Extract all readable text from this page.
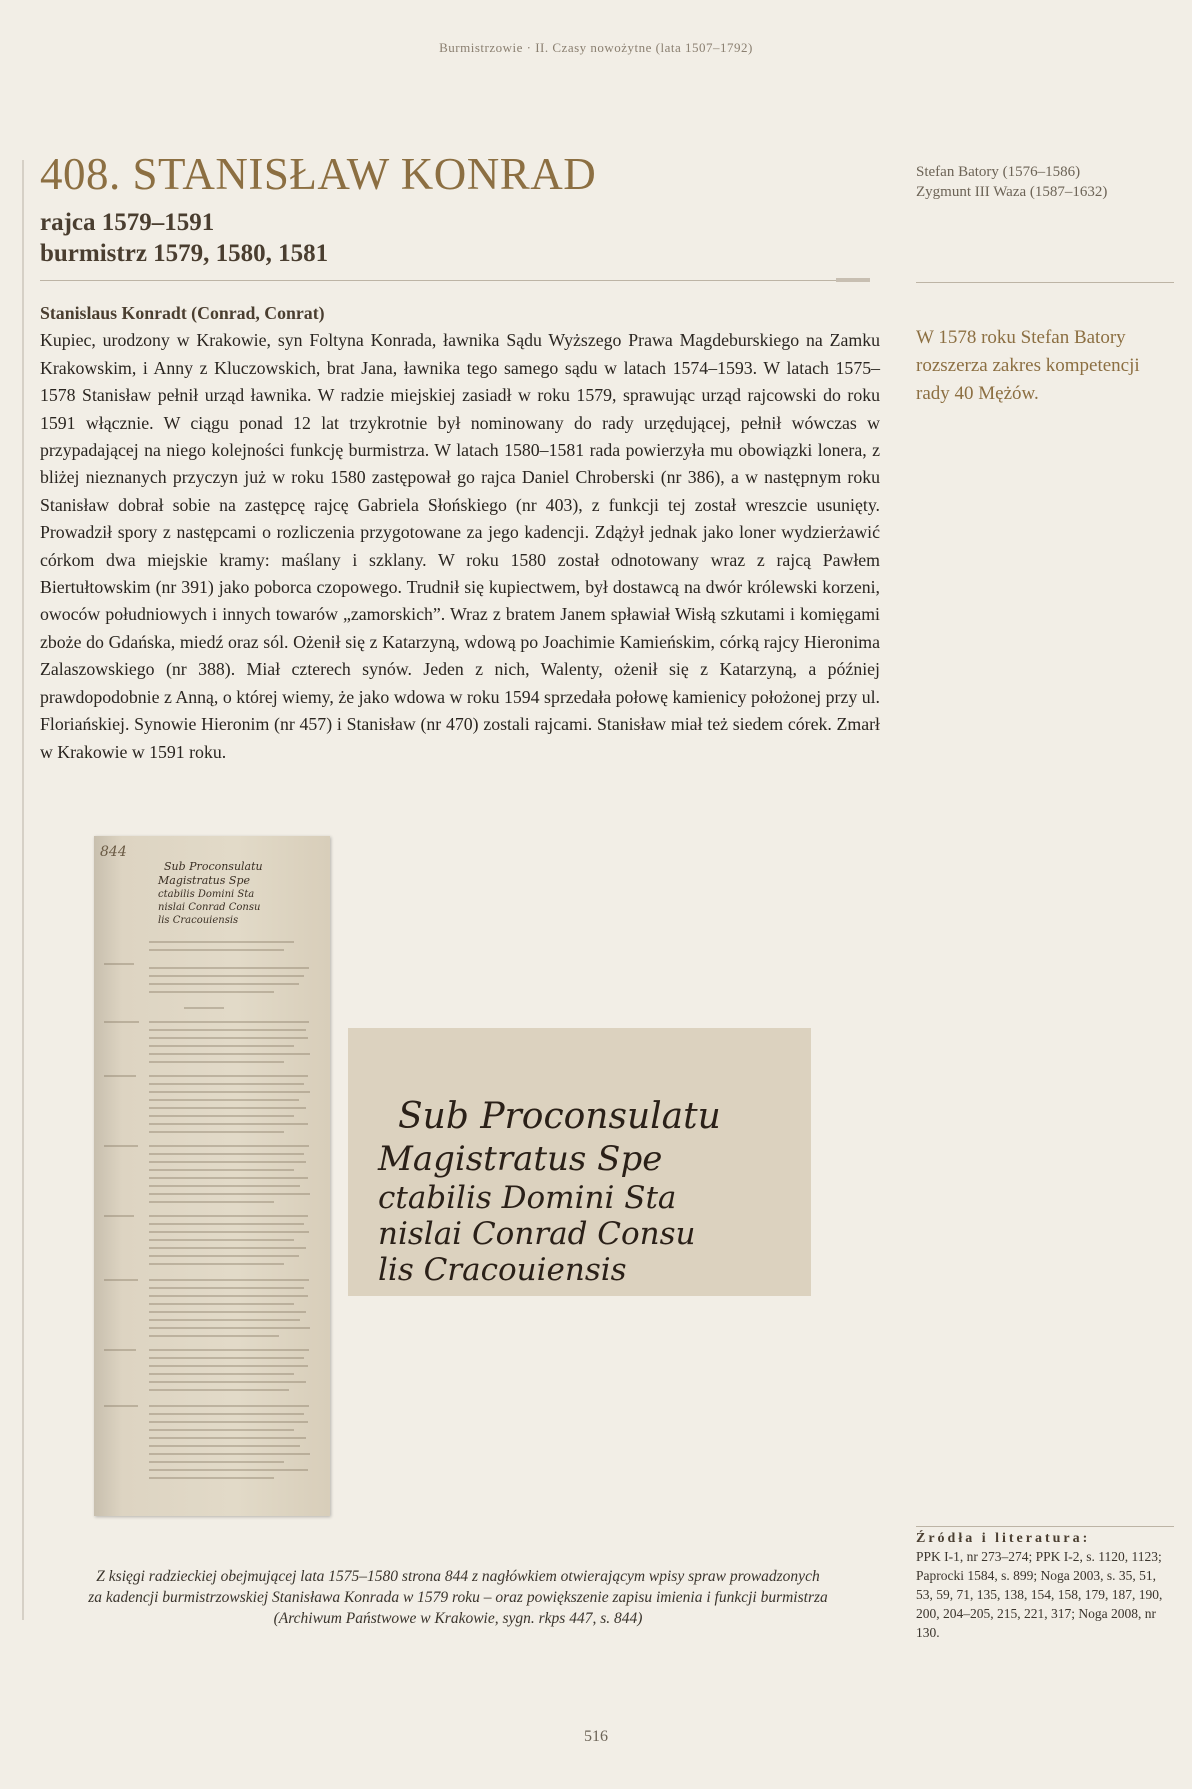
Burmistrzowie · II. Czasy nowożytne (lata 1507–1792)
408. STANISŁAW KONRAD
rajca 1579–1591
burmistrz 1579, 1580, 1581
Stanislaus Konradt (Conrad, Conrat)
Kupiec, urodzony w Krakowie, syn Foltyna Konrada, ławnika Sądu Wyższego Prawa Magdeburskiego na Zamku Krakowskim, i Anny z Kluczowskich, brat Jana, ławnika tego samego sądu w latach 1574–1593. W latach 1575–1578 Stanisław pełnił urząd ławnika. W radzie miejskiej zasiadł w roku 1579, sprawując urząd rajcowski do roku 1591 włącznie. W ciągu ponad 12 lat trzykrotnie był nominowany do rady urzędującej, pełnił wówczas w przypadającej na niego kolejności funkcję burmistrza. W latach 1580–1581 rada powierzyła mu obowiązki lonera, z bliżej nieznanych przyczyn już w roku 1580 zastępował go rajca Daniel Chroberski (nr 386), a w następnym roku Stanisław dobrał sobie na zastępcę rajcę Gabriela Słońskiego (nr 403), z funkcji tej został wreszcie usunięty. Prowadził spory z następcami o rozliczenia przygotowane za jego kadencji. Zdążył jednak jako loner wydzierżawić córkom dwa miejskie kramy: maślany i szklany. W roku 1580 został odnotowany wraz z rajcą Pawłem Biertułtowskim (nr 391) jako poborca czopowego. Trudnił się kupiectwem, był dostawcą na dwór królewski korzeni, owoców południowych i innych towarów „zamorskich”. Wraz z bratem Janem spławiał Wisłą szkutami i komięgami zboże do Gdańska, miedź oraz sól. Ożenił się z Katarzyną, wdową po Joachimie Kamieńskim, córką rajcy Hieronima Zalaszowskiego (nr 388). Miał czterech synów. Jeden z nich, Walenty, ożenił się z Katarzyną, a później prawdopodobnie z Anną, o której wiemy, że jako wdowa w roku 1594 sprzedała połowę kamienicy położonej przy ul. Floriańskiej. Synowie Hieronim (nr 457) i Stanisław (nr 470) zostali rajcami. Stanisław miał też siedem córek. Zmarł w Krakowie w 1591 roku.
Stefan Batory (1576–1586)
Zygmunt III Waza (1587–1632)
W 1578 roku Stefan Batory rozszerza zakres kompetencji rady 40 Mężów.
844
Sub Proconsulatu
Magistratus Spe
ctabilis Domini Sta
nislai Conrad Consu
lis Cracouiensis
Sub Proconsulatu
Magistratus Spe
ctabilis Domini Sta
nislai Conrad Consu
lis Cracouiensis
Z księgi radzieckiej obejmującej lata 1575–1580 strona 844 z nagłówkiem otwierającym wpisy spraw prowadzonych
za kadencji burmistrzowskiej Stanisława Konrada w 1579 roku – oraz powiększenie zapisu imienia i funkcji burmistrza
(Archiwum Państwowe w Krakowie, sygn. rkps 447, s. 844)
Źródła i literatura:
PPK I-1, nr 273–274; PPK I-2, s. 1120, 1123; Paprocki 1584, s. 899; Noga 2003, s. 35, 51, 53, 59, 71, 135, 138, 154, 158, 179, 187, 190, 200, 204–205, 215, 221, 317; Noga 2008, nr 130.
516
